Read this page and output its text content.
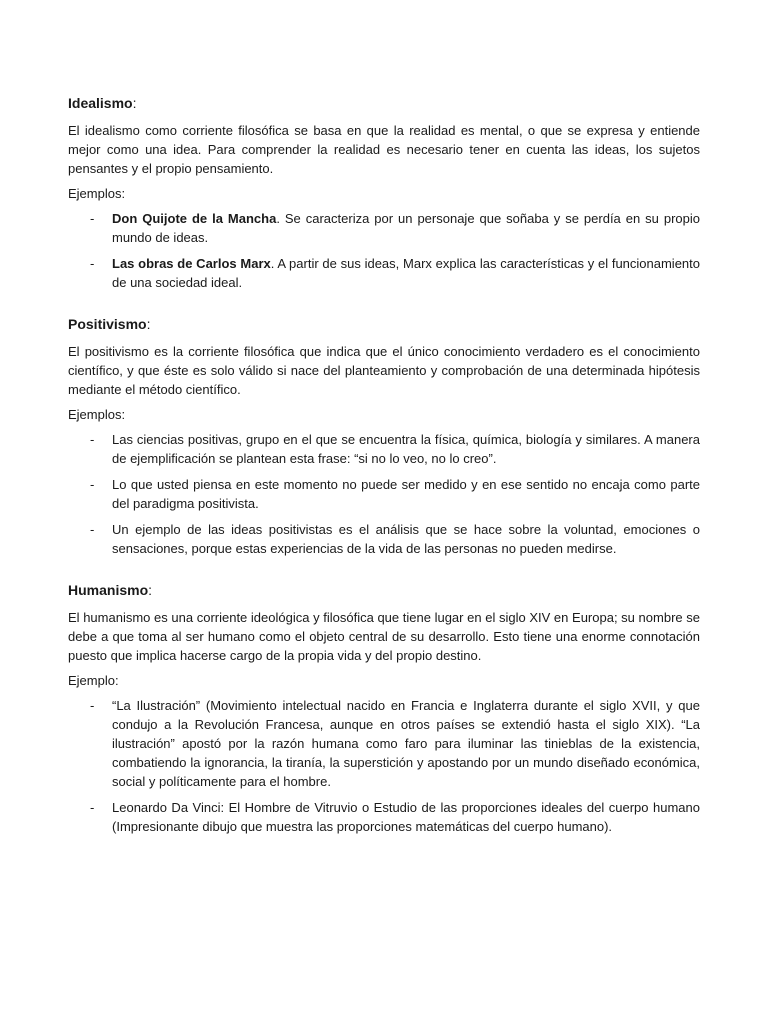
Idealismo:

El idealismo como corriente filosófica se basa en que la realidad es mental, o que se expresa y entiende mejor como una idea. Para comprender la realidad es necesario tener en cuenta las ideas, los sujetos pensantes y el propio pensamiento.

Ejemplos:

- Don Quijote de la Mancha. Se caracteriza por un personaje que soñaba y se perdía en su propio mundo de ideas.
- Las obras de Carlos Marx. A partir de sus ideas, Marx explica las características y el funcionamiento de una sociedad ideal.
Positivismo:

El positivismo es la corriente filosófica que indica que el único conocimiento verdadero es el conocimiento científico, y que éste es solo válido si nace del planteamiento y comprobación de una determinada hipótesis mediante el método científico.

Ejemplos:

- Las ciencias positivas, grupo en el que se encuentra la física, química, biología y similares. A manera de ejemplificación se plantean esta frase: “si no lo veo, no lo creo”.
- Lo que usted piensa en este momento no puede ser medido y en ese sentido no encaja como parte del paradigma positivista.
- Un ejemplo de las ideas positivistas es el análisis que se hace sobre la voluntad, emociones o sensaciones, porque estas experiencias de la vida de las personas no pueden medirse.
Humanismo:

El humanismo es una corriente ideológica y filosófica que tiene lugar en el siglo XIV en Europa; su nombre se debe a que toma al ser humano como el objeto central de su desarrollo. Esto tiene una enorme connotación puesto que implica hacerse cargo de la propia vida y del propio destino.

Ejemplo:

- “La Ilustración” (Movimiento intelectual nacido en Francia e Inglaterra durante el siglo XVII, y que condujo a la Revolución Francesa, aunque en otros países se extendió hasta el siglo XIX). “La ilustración” apostó por la razón humana como faro para iluminar las tinieblas de la existencia, combatiendo la ignorancia, la tiranía, la superstición y apostando por un mundo diseñado económica, social y políticamente para el hombre.
- Leonardo Da Vinci: El Hombre de Vitruvio o Estudio de las proporciones ideales del cuerpo humano (Impresionante dibujo que muestra las proporciones matemáticas del cuerpo humano).
